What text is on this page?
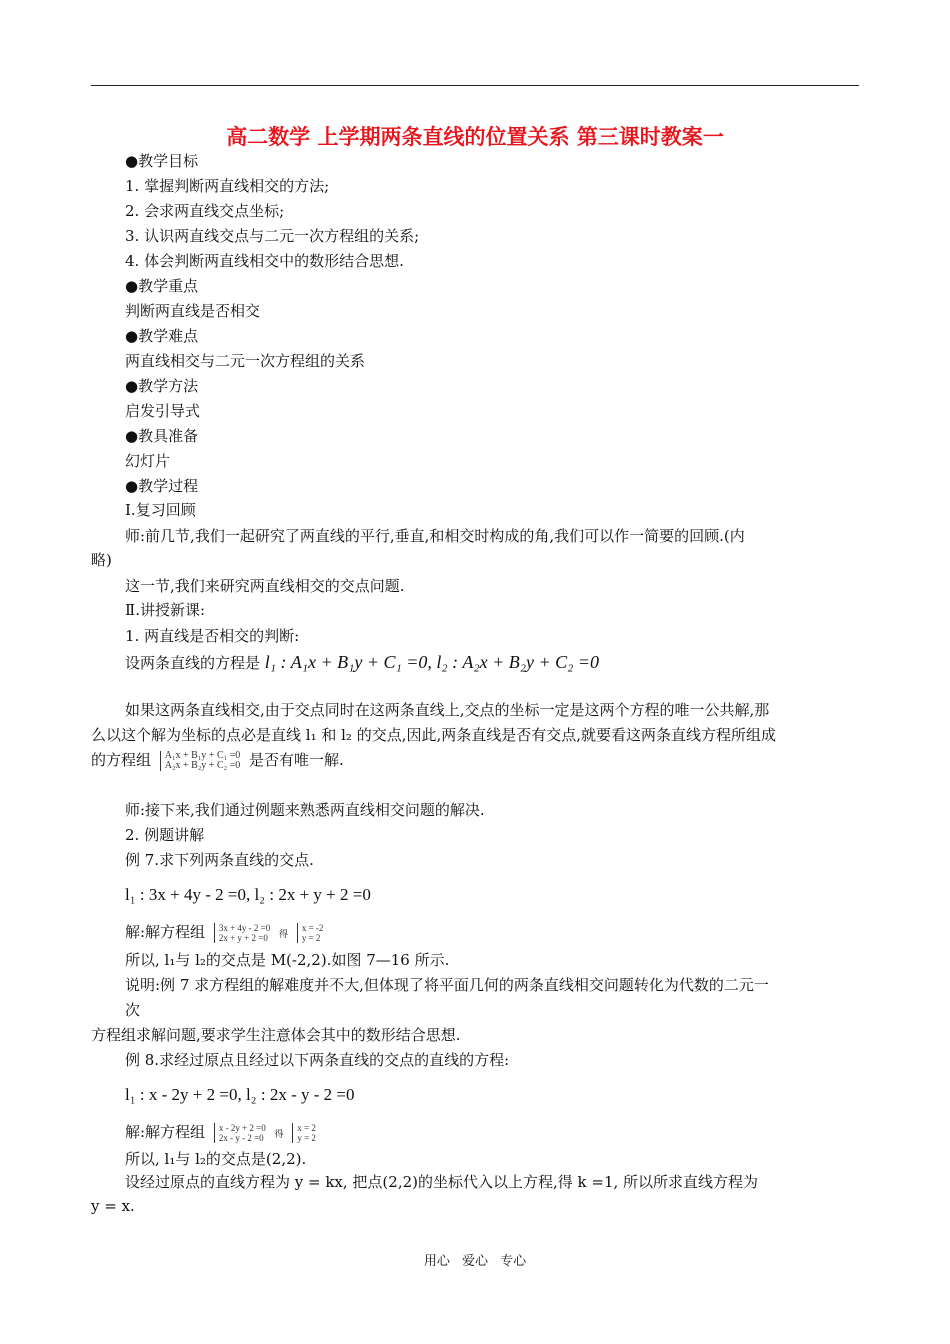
高二数学 上学期两条直线的位置关系 第三课时教案一
●教学目标
1. 掌握判断两直线相交的方法;
2. 会求两直线交点坐标;
3. 认识两直线交点与二元一次方程组的关系;
4. 体会判断两直线相交中的数形结合思想.
●教学重点
判断两直线是否相交
●教学难点
两直线相交与二元一次方程组的关系
●教学方法
启发引导式
●教具准备
幻灯片
●教学过程
Ⅰ.复习回顾
师:前几节,我们一起研究了两直线的平行,垂直,和相交时构成的角,我们可以作一简要的回顾.(内
略)
这一节,我们来研究两直线相交的交点问题.
Ⅱ.讲授新课:
1. 两直线是否相交的判断:
设两条直线的方程是 l₁ : A₁x + B₁y + C₁ =0, l₂ : A₂x + B₂y + C₂ =0
如果这两条直线相交,由于交点同时在这两条直线上,交点的坐标一定是这两个方程的唯一公共解,那
么以这个解为坐标的点必是直线 l₁ 和 l₂ 的交点,因此,两条直线是否有交点,就要看这两条直线方程所组成
的方程组 A₁x + B₁y + C₁ =0
A₂x + B₂y + C₂ =0 是否有唯一解.
师:接下来,我们通过例题来熟悉两直线相交问题的解决.
2. 例题讲解
例 7.求下列两条直线的交点.
l₁ : 3x + 4y - 2 =0, l₂ : 2x + y + 2 =0
解:解方程组 3x + 4y - 2 =0
2x + y + 2 =0 得 x = -2
y = 2
所以, l₁与 l₂的交点是 M(-2,2).如图 7—16 所示.
说明:例 7 求方程组的解难度并不大,但体现了将平面几何的两条直线相交问题转化为代数的二元一
次
方程组求解问题,要求学生注意体会其中的数形结合思想.
例 8.求经过原点且经过以下两条直线的交点的直线的方程:
l₁ : x - 2y + 2 =0, l₂ : 2x - y - 2 =0
解:解方程组 x - 2y + 2 =0
2x - y - 2 =0 得 x = 2
y = 2
所以, l₁与 l₂的交点是(2,2).
设经过原点的直线方程为 y = kx, 把点(2,2)的坐标代入以上方程,得 k =1, 所以所求直线方程为
y = x.
用心 爱心 专心
